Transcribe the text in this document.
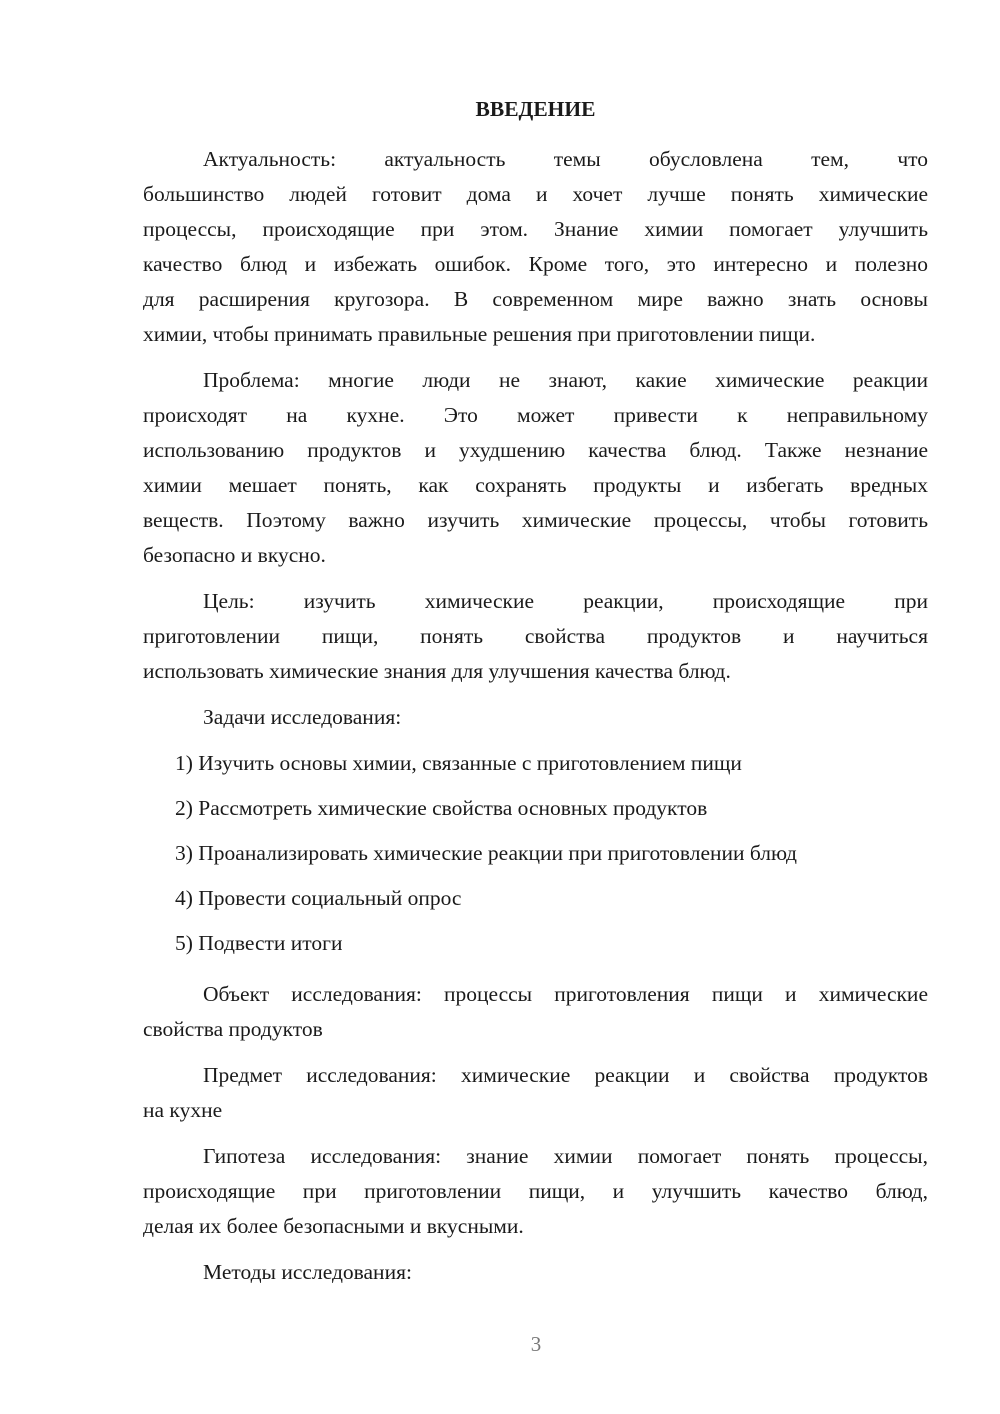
ВВЕДЕНИЕ
Актуальность: актуальность темы обусловлена тем, что
большинство людей готовит дома и хочет лучше понять химические
процессы, происходящие при этом. Знание химии помогает улучшить
качество блюд и избежать ошибок. Кроме того, это интересно и полезно
для расширения кругозора. В современном мире важно знать основы
химии, чтобы принимать правильные решения при приготовлении пищи.
Проблема: многие люди не знают, какие химические реакции
происходят на кухне. Это может привести к неправильному
использованию продуктов и ухудшению качества блюд. Также незнание
химии мешает понять, как сохранять продукты и избегать вредных
веществ. Поэтому важно изучить химические процессы, чтобы готовить
безопасно и вкусно.
Цель: изучить химические реакции, происходящие при
приготовлении пищи, понять свойства продуктов и научиться
использовать химические знания для улучшения качества блюд.
Задачи исследования:
1) Изучить основы химии, связанные с приготовлением пищи
2) Рассмотреть химические свойства основных продуктов
3) Проанализировать химические реакции при приготовлении блюд
4) Провести социальный опрос
5) Подвести итоги
Объект исследования: процессы приготовления пищи и химические
свойства продуктов
Предмет исследования: химические реакции и свойства продуктов
на кухне
Гипотеза исследования: знание химии помогает понять процессы,
происходящие при приготовлении пищи, и улучшить качество блюд,
делая их более безопасными и вкусными.
Методы исследования:
3
